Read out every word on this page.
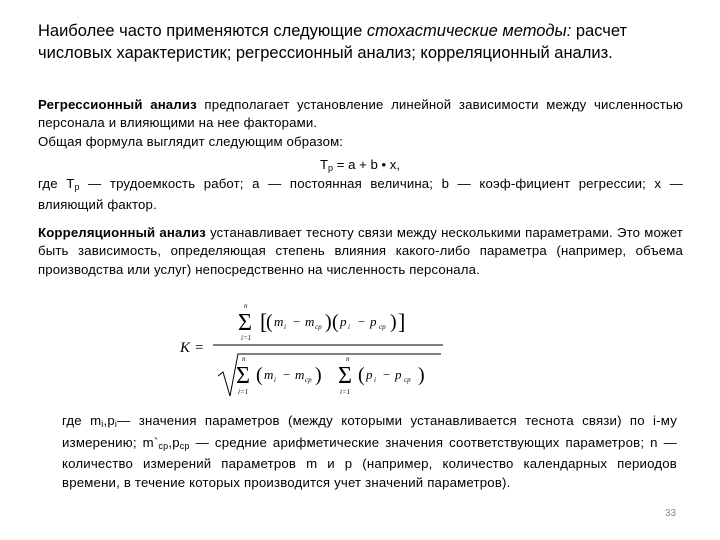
Наиболее часто применяются следующие стохастические методы: расчет числовых характеристик; регрессионный анализ; корреляционный анализ.

Регрессионный анализ предполагает установление линейной зависимости между численностью персонала и влияющими на нее факторами.
Общая формула выглядит следующим образом:

$T_p = a + b$ • x,

где $T_p$ — трудоемкость работ; а — постоянная величина; b — коэф-фициент регрессии; x — влияющий фактор.

Корреляционный анализ устанавливает тесноту связи между несколькими параметрами. Это может быть зависимость, определяющая степень влияния какого-либо параметра (например, объема производства или услуг) непосредственно на численность персонала.

K =
n
Σ
i=1
[
( m i − m cp ) ( p i − p cp ) ]
n
Σ
i=1
( m i − m cp )
n
Σ
i=1
( p i − p cp )

где $m_i,p_i—$ значения параметров (между которыми устанавливается теснота связи) по i-му измерению; $m`_{ср},p_{ср}$ — средние арифметические значения соответствующих параметров; n — количество измерений параметров m и p (например, количество календарных периодов времени, в течение которых производится учет значений параметров).

33
